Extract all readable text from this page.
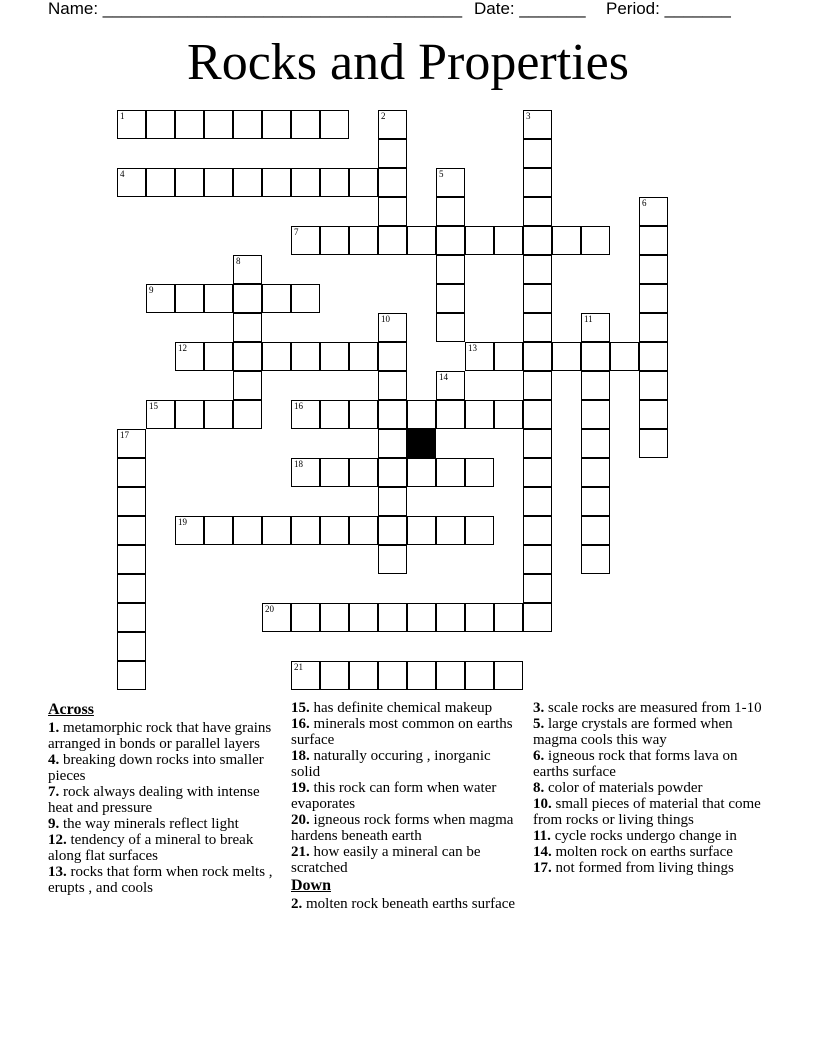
Name: ______________________________________ Date: _______ Period: _______
Rocks and Properties
1	2	3
4	5
6
7
8
9
10	11
12	13
14
15	16
17
18
19
20
21
Across
1. metamorphic rock that have grains arranged in bonds or parallel layers
4. breaking down rocks into smaller pieces
7. rock always dealing with intense heat and pressure
9. the way minerals reflect light
12. tendency of a mineral to break along flat surfaces
13. rocks that form when rock melts , erupts , and cools
15. has definite chemical makeup
16. minerals most common on earths surface
18. naturally occuring , inorganic solid
19. this rock can form when water evaporates
20. igneous rock forms when magma hardens beneath earth
21. how easily a mineral can be scratched
Down
2. molten rock beneath earths surface
3. scale rocks are measured from 1-10
5. large crystals are formed when magma cools this way
6. igneous rock that forms lava on earths surface
8. color of materials powder
10. small pieces of material that come from rocks or living things
11. cycle rocks undergo change in
14. molten rock on earths surface
17. not formed from living things
